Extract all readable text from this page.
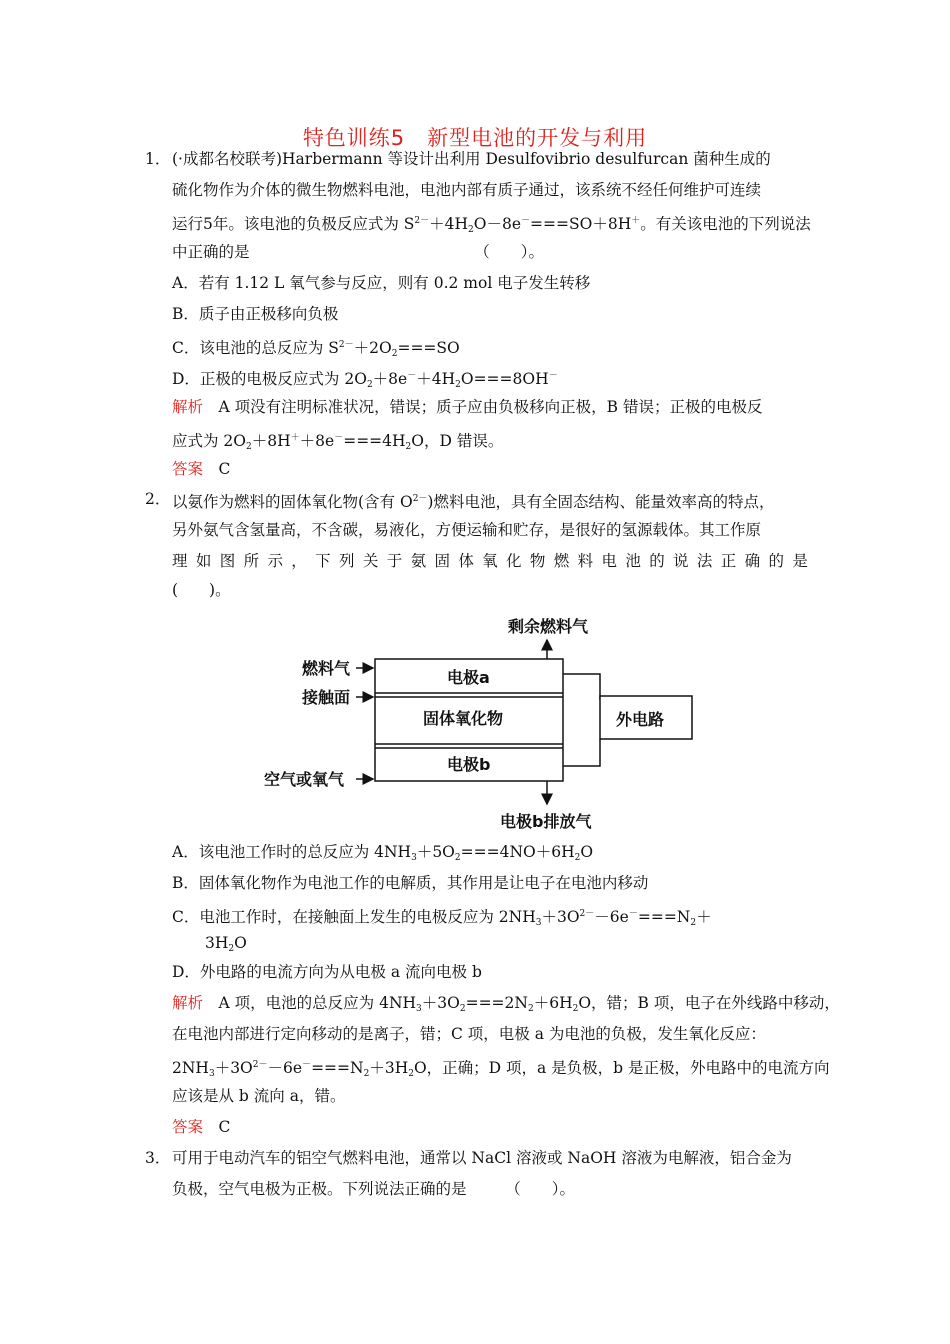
特色训练5　新型电池的开发与利用
1． (·成都名校联考)Harbermann 等设计出利用 Desulfovibrio desulfurcan 菌种生成的
硫化物作为介体的微生物燃料电池，电池内部有质子通过，该系统不经任何维护可连续
运行5年。该电池的负极反应式为 $S^{2-}+4H_2O-8e^-===SO+8H^+$。有关该电池的下列说法
中正确的是　　　　　　　　　　　　　　　（　　）。
A．若有 1.12 L 氧气参与反应，则有 0.2 mol 电子发生转移
B．质子由正极移向负极
C．该电池的总反应为 $S^{2-}+2O_2===SO$
D．正极的电极反应式为 $2O_2+8e^-+4H_2O===8OH^-$
解析　 A 项没有注明标准状况，错误；质子应由负极移向正极，B 错误；正极的电极反
应式为 $2O_2+8H^++8e^-===4H_2O$，D 错误。
答案　 C
2． 以氨作为燃料的固体氧化物(含有 $O^{2-}$)燃料电池，具有全固态结构、能量效率高的特点，
另外氨气含氢量高，不含碳，易液化，方便运输和贮存，是很好的氢源载体。其工作原
理 如 图 所 示 ， 下 列 关 于 氨 固 体 氧 化 物 燃 料 电 池 的 说 法 正 确 的 是
(　　)。
剩余燃料气
燃料气
接触面
空气或氧气
电极a
固体氧化物
电极b
外电路
电极b排放气
A．该电池工作时的总反应为 $4NH_3+5O_2===4NO+6H_2O$
B．固体氧化物作为电池工作的电解质，其作用是让电子在电池内移动
C．电池工作时，在接触面上发生的电极反应为 $2NH_3+3O^{2-}-6e^-===N_2+$
$3H_2O$
D．外电路的电流方向为从电极 a 流向电极 b
解析　 A 项，电池的总反应为 $4NH_3+3O_2===2N_2+6H_2O$，错；B 项，电子在外线路中移动，
在电池内部进行定向移动的是离子，错；C 项，电极 a 为电池的负极，发生氧化反应：
$2NH_3+3O^{2-}-6e^-===N_2+3H_2O$，正确；D 项，a 是负极，b 是正极，外电路中的电流方向
应该是从 b 流向 a，错。
答案　 C
3． 可用于电动汽车的铝空气燃料电池，通常以 NaCl 溶液或 NaOH 溶液为电解液，铝合金为
负极，空气电极为正极。下列说法正确的是　　　（　　）。
